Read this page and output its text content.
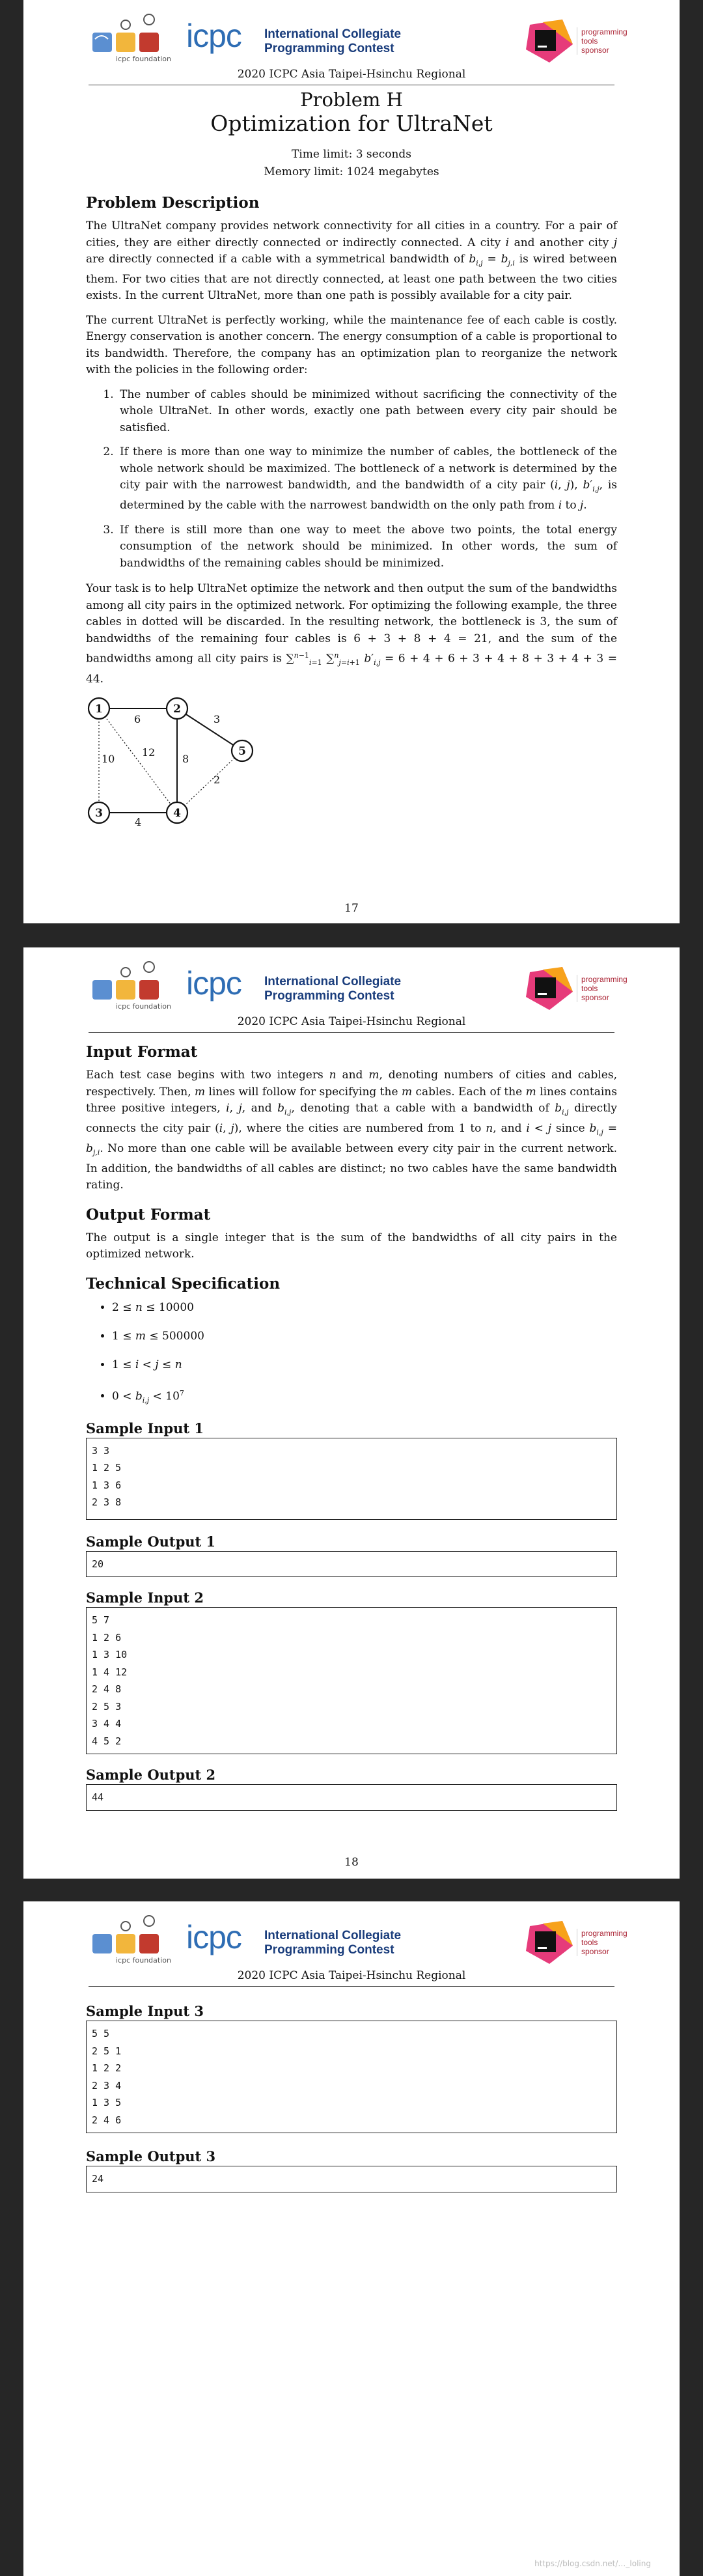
icpc foundation
icpc International Collegiate
Programming Contest
programming
tools sponsor
2020 ICPC Asia Taipei-Hsinchu Regional
Problem H
Optimization for UltraNet
Time limit: 3 seconds
Memory limit: 1024 megabytes
Problem Description

The UltraNet company provides network connectivity for all cities in a country. For a pair of cities, they are either directly connected or indirectly connected. A city i and another city j are directly connected if a cable with a symmetrical bandwidth of $b_{i,j} = b_{j,i}$ is wired between them. For two cities that are not directly connected, at least one path between the two cities exists. In the current UltraNet, more than one path is possibly available for a city pair.

The current UltraNet is perfectly working, while the maintenance fee of each cable is costly. Energy conservation is another concern. The energy consumption of a cable is proportional to its bandwidth. Therefore, the company has an optimization plan to reorganize the network with the policies in the following order:

1. The number of cables should be minimized without sacrificing the connectivity of the whole UltraNet. In other words, exactly one path between every city pair should be satisfied.
2. If there is more than one way to minimize the number of cables, the bottleneck of the whole network should be maximized. The bottleneck of a network is determined by the city pair with the narrowest bandwidth, and the bandwidth of a city pair (i, j), $b'_{i,j}$, is determined by the cable with the narrowest bandwidth on the only path from i to j.
3. If there is still more than one way to meet the above two points, the total energy consumption of the network should be minimized. In other words, the sum of bandwidths of the remaining cables should be minimized.

Your task is to help UltraNet optimize the network and then output the sum of the bandwidths among all city pairs in the optimized network. For optimizing the following example, the three cables in dotted will be discarded. In the resulting network, the bottleneck is 3, the sum of bandwidths of the remaining four cables is 6 + 3 + 8 + 4 = 21, and the sum of the bandwidths among all city pairs is ∑$^{n-1}_{i=1}$ ∑$^n_{j=i+1}$ $b'_{i,j} = 6 + 4 + 6 + 3 + 4 + 8 + 3 + 4 + 3 = 44$.

6	3
12
8
10
2
4
1	2
3	4
5
17
icpc foundation
icpc International Collegiate
Programming Contest
programming
tools sponsor
2020 ICPC Asia Taipei-Hsinchu Regional
Input Format

Each test case begins with two integers n and m, denoting numbers of cities and cables, respectively. Then, m lines will follow for specifying the m cables. Each of the m lines contains three positive integers, i, j, and $b_{i,j}$, denoting that a cable with a bandwidth of $b_{i,j}$ directly connects the city pair (i, j), where the cities are numbered from 1 to n, and i < j since $b_{i,j} = b_{j,i}$. No more than one cable will be available between every city pair in the current network. In addition, the bandwidths of all cables are distinct; no two cables have the same bandwidth rating.

Output Format

The output is a single integer that is the sum of the bandwidths of all city pairs in the optimized network.

Technical Specification
• 2 ≤ n ≤ 10000
• 1 ≤ m ≤ 500000
• 1 ≤ i < j ≤ n
• $0 < b_{i,j} < 10^7$
Sample Input 1
3 3
1 2 5
1 3 6
2 3 8
Sample Output 1
20
Sample Input 2
5 7
1 2 6
1 3 10
1 4 12
2 4 8
2 5 3
3 4 4
4 5 2
Sample Output 2
44
18
icpc foundation
icpc International Collegiate
Programming Contest
programming
tools sponsor
2020 ICPC Asia Taipei-Hsinchu Regional
Sample Input 3
5 5
2 5 1
1 2 2
2 3 4
1 3 5
2 4 6
Sample Output 3
24
https://blog.csdn.net/…_loling
